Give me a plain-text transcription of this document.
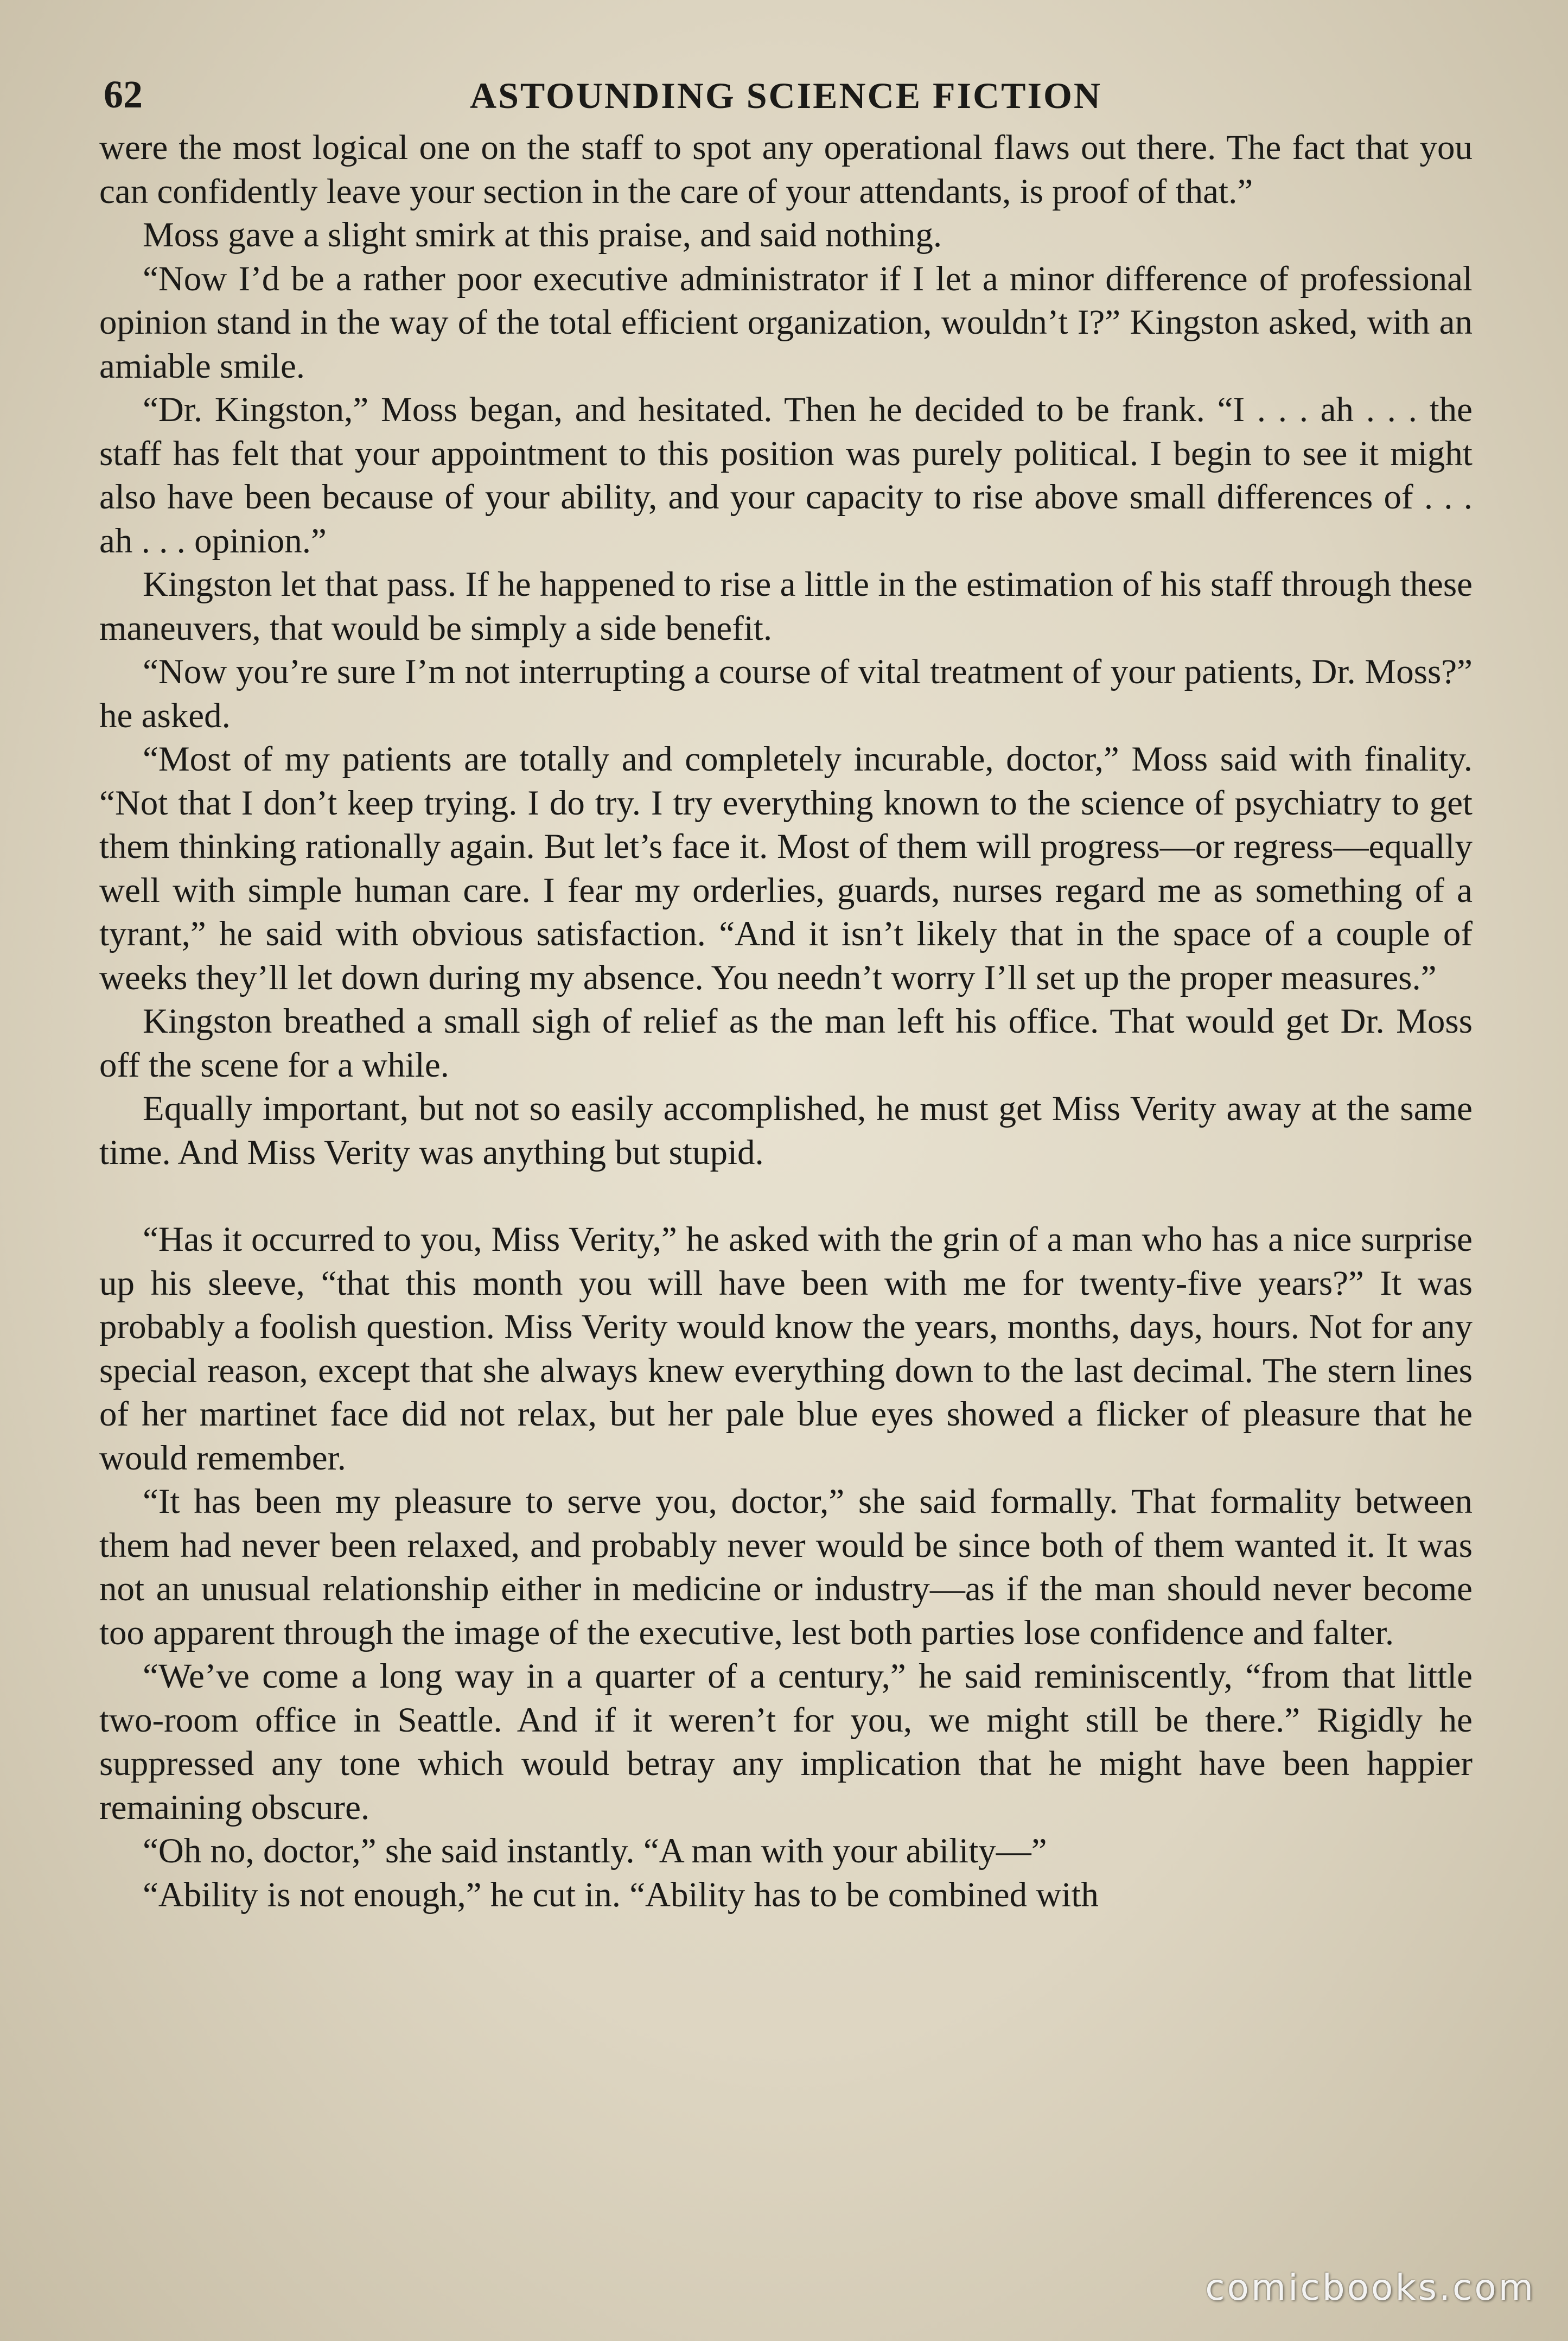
62	ASTOUNDING SCIENCE FICTION

were the most logical one on the staff to spot any operational flaws out there. The fact that you can confidently leave your section in the care of your attendants, is proof of that.”

Moss gave a slight smirk at this praise, and said nothing.

“Now I’d be a rather poor executive administrator if I let a minor difference of professional opinion stand in the way of the total efficient organization, wouldn’t I?” Kingston asked, with an amiable smile.

“Dr. Kingston,” Moss began, and hesitated. Then he decided to be frank. “I . . . ah . . . the staff has felt that your appointment to this position was purely political. I begin to see it might also have been because of your ability, and your capacity to rise above small differences of . . . ah . . . opinion.”

Kingston let that pass. If he happened to rise a little in the estimation of his staff through these maneuvers, that would be simply a side benefit.

“Now you’re sure I’m not interrupting a course of vital treatment of your patients, Dr. Moss?” he asked.

“Most of my patients are totally and completely incurable, doctor,” Moss said with finality. “Not that I don’t keep trying. I do try. I try everything known to the science of psychiatry to get them thinking rationally again. But let’s face it. Most of them will progress—or regress—equally well with simple human care. I fear my orderlies, guards, nurses regard me as something of a tyrant,” he said with obvious satisfaction. “And it isn’t likely that in the space of a couple of weeks they’ll let down during my absence. You needn’t worry I’ll set up the proper measures.”

Kingston breathed a small sigh of relief as the man left his office. That would get Dr. Moss off the scene for a while.

Equally important, but not so easily accomplished, he must get Miss Verity away at the same time. And Miss Verity was anything but stupid.

“Has it occurred to you, Miss Verity,” he asked with the grin of a man who has a nice surprise up his sleeve, “that this month you will have been with me for twenty-five years?” It was probably a foolish question. Miss Verity would know the years, months, days, hours. Not for any special reason, except that she always knew everything down to the last decimal. The stern lines of her martinet face did not relax, but her pale blue eyes showed a flicker of pleasure that he would remember.

“It has been my pleasure to serve you, doctor,” she said formally. That formality between them had never been relaxed, and probably never would be since both of them wanted it. It was not an unusual relationship either in medicine or industry—as if the man should never become too apparent through the image of the executive, lest both parties lose confidence and falter.

“We’ve come a long way in a quarter of a century,” he said reminiscently, “from that little two-room office in Seattle. And if it weren’t for you, we might still be there.” Rigidly he suppressed any tone which would betray any implication that he might have been happier remaining obscure.

“Oh no, doctor,” she said instantly. “A man with your ability—”

“Ability is not enough,” he cut in. “Ability has to be combined with

comicbooks.com
